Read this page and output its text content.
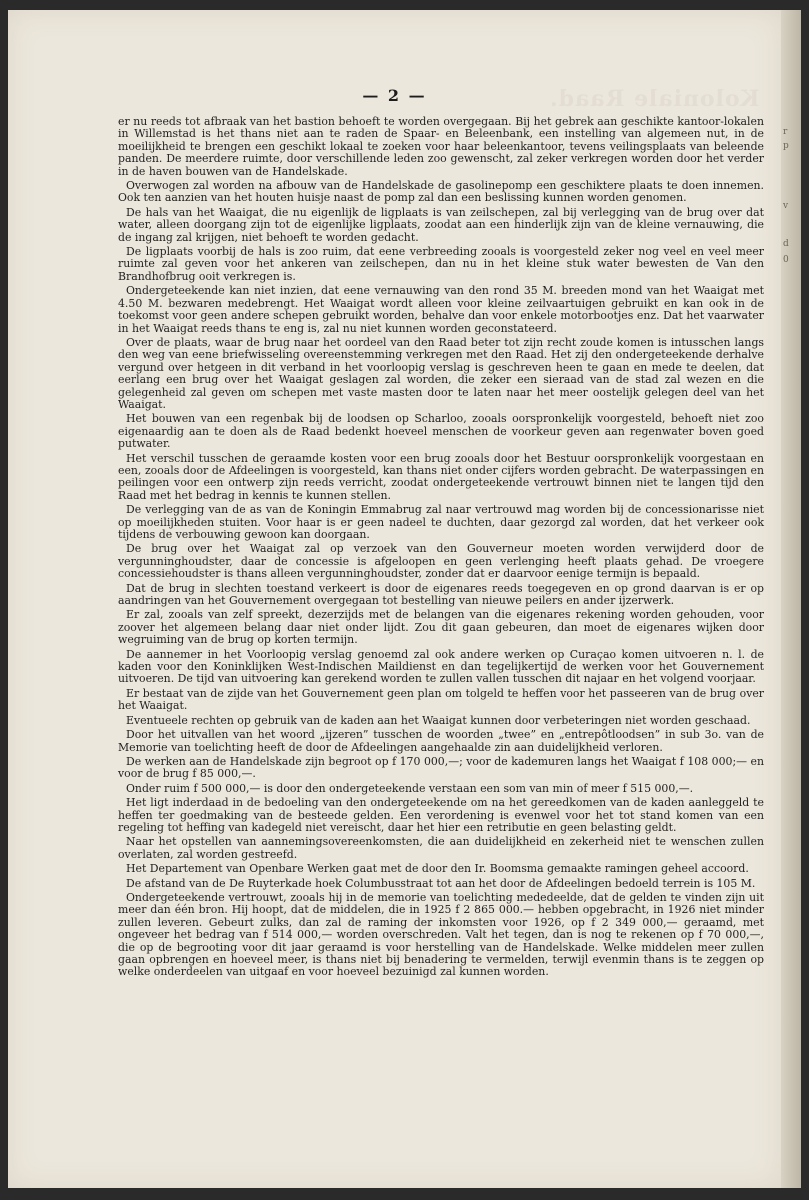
Koloniale Raad.
— 2 —

er nu reeds tot afbraak van het bastion behoeft te worden overgegaan. Bij het gebrek aan geschikte kantoor-lokalen in Willemstad is het thans niet aan te raden de Spaar- en Beleenbank, een instelling van algemeen nut, in de moeilijkheid te brengen een geschikt lokaal te zoeken voor haar beleenkantoor, tevens veilingsplaats van beleende panden. De meerdere ruimte, door verschillende leden zoo gewenscht, zal zeker verkregen worden door het verder in de haven bouwen van de Handelskade.

Overwogen zal worden na afbouw van de Handelskade de gasolinepomp een geschiktere plaats te doen innemen. Ook ten aanzien van het houten huisje naast de pomp zal dan een beslissing kunnen worden genomen.

De hals van het Waaigat, die nu eigenlijk de ligplaats is van zeilschepen, zal bij verlegging van de brug over dat water, alleen doorgang zijn tot de eigenlijke ligplaats, zoodat aan een hinderlijk zijn van de kleine vernauwing, die de ingang zal krijgen, niet behoeft te worden gedacht.

De ligplaats voorbij de hals is zoo ruim, dat eene verbreeding zooals is voorgesteld zeker nog veel en veel meer ruimte zal geven voor het ankeren van zeilschepen, dan nu in het kleine stuk water bewesten de Van den Brandhofbrug ooit verkregen is.

Ondergeteekende kan niet inzien, dat eene vernauwing van den rond 35 M. breeden mond van het Waaigat met 4.50 M. bezwaren medebrengt. Het Waaigat wordt alleen voor kleine zeilvaartuigen gebruikt en kan ook in de toekomst voor geen andere schepen gebruikt worden, behalve dan voor enkele motorbootjes enz. Dat het vaarwater in het Waaigat reeds thans te eng is, zal nu niet kunnen worden geconstateerd.

Over de plaats, waar de brug naar het oordeel van den Raad beter tot zijn recht zoude komen is intusschen langs den weg van eene briefwisseling overeenstemming verkregen met den Raad. Het zij den ondergeteekende derhalve vergund over hetgeen in dit verband in het voorloopig verslag is geschreven heen te gaan en mede te deelen, dat eerlang een brug over het Waaigat geslagen zal worden, die zeker een sieraad van de stad zal wezen en die gelegenheid zal geven om schepen met vaste masten door te laten naar het meer oostelijk gelegen deel van het Waaigat.

Het bouwen van een regenbak bij de loodsen op Scharloo, zooals oorspronkelijk voorgesteld, behoeft niet zoo eigenaardig aan te doen als de Raad bedenkt hoeveel menschen de voorkeur geven aan regenwater boven goed putwater.

Het verschil tusschen de geraamde kosten voor een brug zooals door het Bestuur oorspronkelijk voorgestaan en een, zooals door de Afdeelingen is voorgesteld, kan thans niet onder cijfers worden gebracht. De waterpassingen en peilingen voor een ontwerp zijn reeds verricht, zoodat ondergeteekende vertrouwt binnen niet te langen tijd den Raad met het bedrag in kennis te kunnen stellen.

De verlegging van de as van de Koningin Emmabrug zal naar vertrouwd mag worden bij de concessionarisse niet op moeilijkheden stuiten. Voor haar is er geen nadeel te duchten, daar gezorgd zal worden, dat het verkeer ook tijdens de verbouwing gewoon kan doorgaan.

De brug over het Waaigat zal op verzoek van den Gouverneur moeten worden verwijderd door de vergunninghoudster, daar de concessie is afgeloopen en geen verlenging heeft plaats gehad. De vroegere concessiehoudster is thans alleen vergunninghoudster, zonder dat er daarvoor eenige termijn is bepaald.

Dat de brug in slechten toestand verkeert is door de eigenares reeds toegegeven en op grond daarvan is er op aandringen van het Gouvernement overgegaan tot bestelling van nieuwe peilers en ander ijzerwerk.

Er zal, zooals van zelf spreekt, dezerzijds met de belangen van die eigenares rekening worden gehouden, voor zoover het algemeen belang daar niet onder lijdt. Zou dit gaan gebeuren, dan moet de eigenares wijken door wegruiming van de brug op korten termijn.

De aannemer in het Voorloopig verslag genoemd zal ook andere werken op Curaçao komen uitvoeren n. l. de kaden voor den Koninklijken West-Indischen Maildienst en dan tegelijkertijd de werken voor het Gouvernement uitvoeren. De tijd van uitvoering kan gerekend worden te zullen vallen tusschen dit najaar en het volgend voorjaar.

Er bestaat van de zijde van het Gouvernement geen plan om tolgeld te heffen voor het passeeren van de brug over het Waaigat.

Eventueele rechten op gebruik van de kaden aan het Waaigat kunnen door verbeteringen niet worden geschaad.

Door het uitvallen van het woord „ijzeren” tusschen de woorden „twee” en „entrepôtloodsen” in sub 3o. van de Memorie van toelichting heeft de door de Afdeelingen aangehaalde zin aan duidelijkheid verloren.

De werken aan de Handelskade zijn begroot op f 170 000,—; voor de kademuren langs het Waaigat f 108 000;— en voor de brug f 85 000,—.

Onder ruim f 500 000,— is door den ondergeteekende verstaan een som van min of meer f 515 000,—.

Het ligt inderdaad in de bedoeling van den ondergeteekende om na het gereedkomen van de kaden aanleggeld te heffen ter goedmaking van de besteede gelden. Een verordening is evenwel voor het tot stand komen van een regeling tot heffing van kadegeld niet vereischt, daar het hier een retributie en geen belasting geldt.

Naar het opstellen van aannemingsovereenkomsten, die aan duidelijkheid en zekerheid niet te wenschen zullen overlaten, zal worden gestreefd.

Het Departement van Openbare Werken gaat met de door den Ir. Boomsma gemaakte ramingen geheel accoord.

De afstand van de De Ruyterkade hoek Columbusstraat tot aan het door de Afdeelingen bedoeld terrein is 105 M.

Ondergeteekende vertrouwt, zooals hij in de memorie van toelichting mededeelde, dat de gelden te vinden zijn uit meer dan één bron. Hij hoopt, dat de middelen, die in 1925 f 2 865 000.— hebben opgebracht, in 1926 niet minder zullen leveren. Gebeurt zulks, dan zal de raming der inkomsten voor 1926, op f 2 349 000,— geraamd, met ongeveer het bedrag van f 514 000,— worden overschreden. Valt het tegen, dan is nog te rekenen op f 70 000,—, die op de begrooting voor dit jaar geraamd is voor herstelling van de Handelskade. Welke middelen meer zullen gaan opbrengen en hoeveel meer, is thans niet bij benadering te vermelden, terwijl evenmin thans is te zeggen op welke onderdeelen van uitgaaf en voor hoeveel bezuinigd zal kunnen worden.

r
p
v
d
0
